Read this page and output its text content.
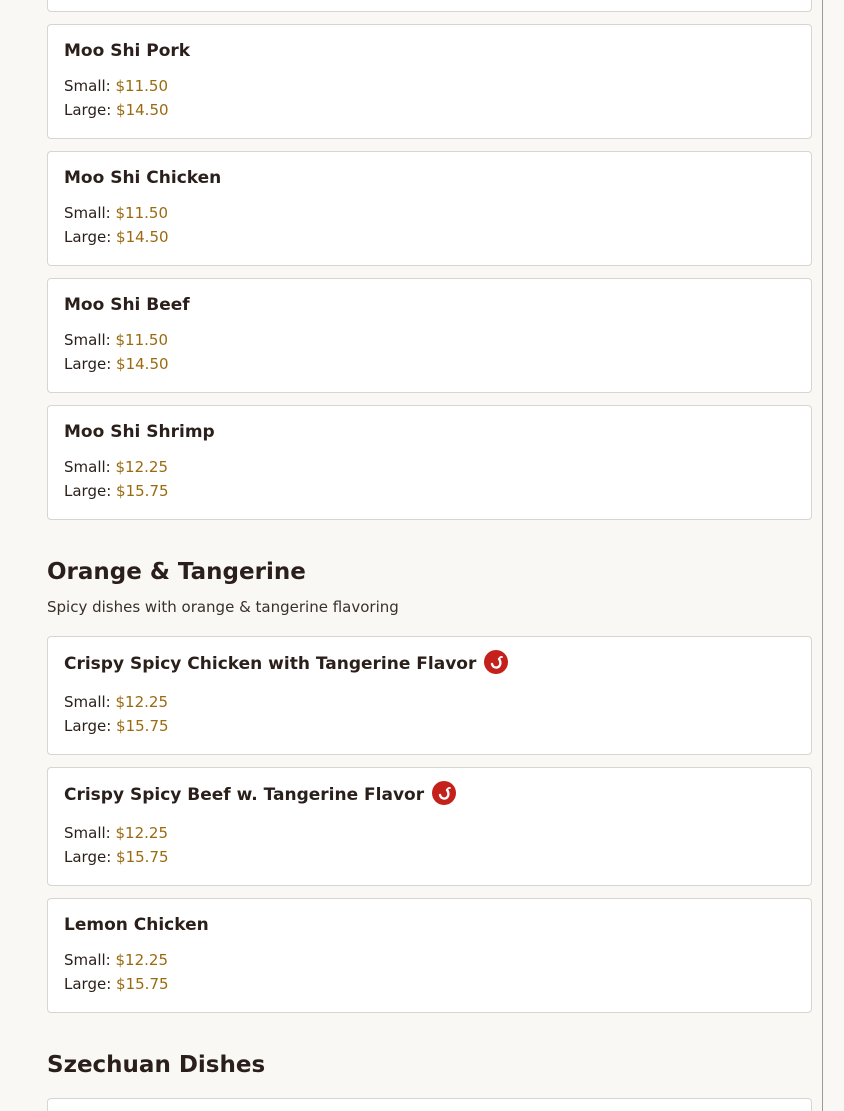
Moo Shi Pork
Small: $11.50
Large: $14.50
Moo Shi Chicken
Small: $11.50
Large: $14.50
Moo Shi Beef
Small: $11.50
Large: $14.50
Moo Shi Shrimp
Small: $12.25
Large: $15.75
Orange & Tangerine
Spicy dishes with orange & tangerine flavoring
Crispy Spicy Chicken with Tangerine Flavor
Small: $12.25
Large: $15.75
Crispy Spicy Beef w. Tangerine Flavor
Small: $12.25
Large: $15.75
Lemon Chicken
Small: $12.25
Large: $15.75
Szechuan Dishes
